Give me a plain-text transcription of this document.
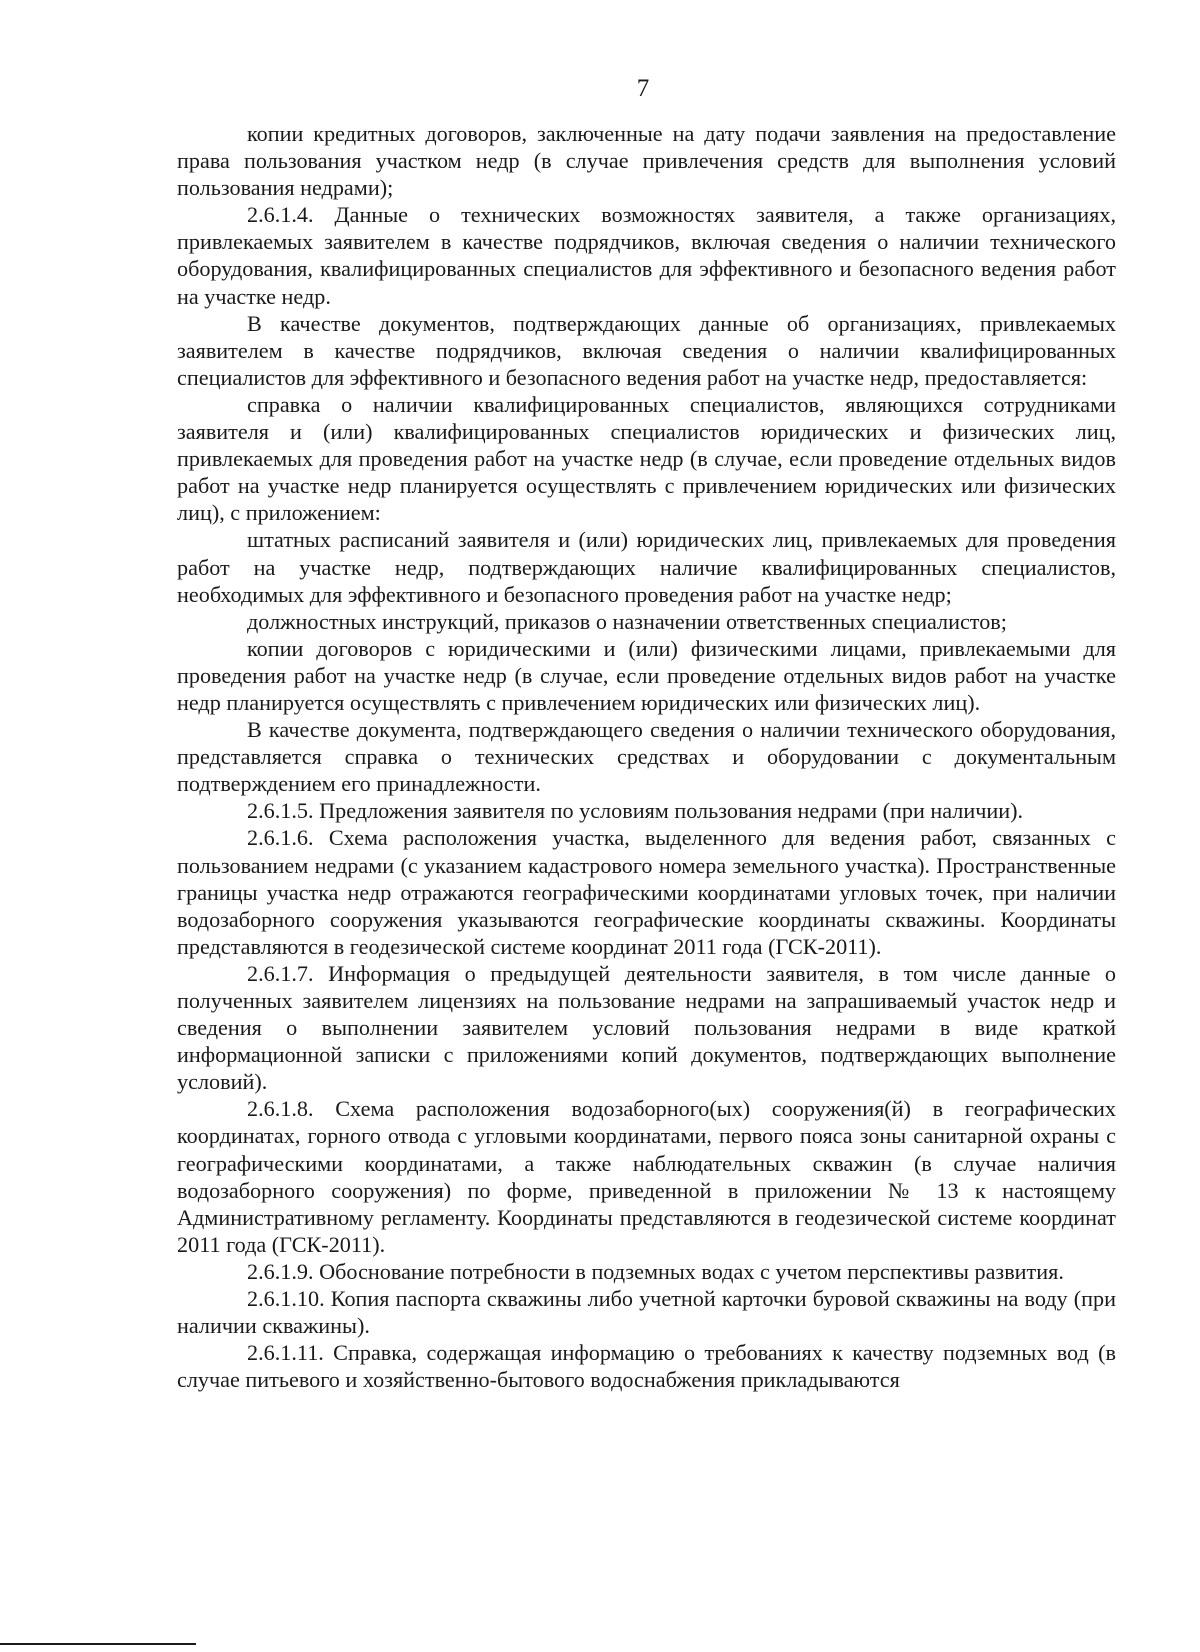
7

копии кредитных договоров, заключенные на дату подачи заявления на предоставление права пользования участком недр (в случае привлечения средств для выполнения условий пользования недрами);

2.6.1.4. Данные о технических возможностях заявителя, а также организациях, привлекаемых заявителем в качестве подрядчиков, включая сведения о наличии технического оборудования, квалифицированных специалистов для эффективного и безопасного ведения работ на участке недр.

В качестве документов, подтверждающих данные об организациях, привлекаемых заявителем в качестве подрядчиков, включая сведения о наличии квалифицированных специалистов для эффективного и безопасного ведения работ на участке недр, предоставляется:

справка о наличии квалифицированных специалистов, являющихся сотрудниками заявителя и (или) квалифицированных специалистов юридических и физических лиц, привлекаемых для проведения работ на участке недр (в случае, если проведение отдельных видов работ на участке недр планируется осуществлять с привлечением юридических или физических лиц), с приложением:

штатных расписаний заявителя и (или) юридических лиц, привлекаемых для проведения работ на участке недр, подтверждающих наличие квалифицированных специалистов, необходимых для эффективного и безопасного проведения работ на участке недр;

должностных инструкций, приказов о назначении ответственных специалистов;

копии договоров с юридическими и (или) физическими лицами, привлекаемыми для проведения работ на участке недр (в случае, если проведение отдельных видов работ на участке недр планируется осуществлять с привлечением юридических или физических лиц).

В качестве документа, подтверждающего сведения о наличии технического оборудования, представляется справка о технических средствах и оборудовании с документальным подтверждением его принадлежности.

2.6.1.5. Предложения заявителя по условиям пользования недрами (при наличии).

2.6.1.6. Схема расположения участка, выделенного для ведения работ, связанных с пользованием недрами (с указанием кадастрового номера земельного участка). Пространственные границы участка недр отражаются географическими координатами угловых точек, при наличии водозаборного сооружения указываются географические координаты скважины. Координаты представляются в геодезической системе координат 2011 года (ГСК-2011).

2.6.1.7. Информация о предыдущей деятельности заявителя, в том числе данные о полученных заявителем лицензиях на пользование недрами на запрашиваемый участок недр и сведения о выполнении заявителем условий пользования недрами в виде краткой информационной записки с приложениями копий документов, подтверждающих выполнение условий).

2.6.1.8. Схема расположения водозаборного(ых) сооружения(й) в географических координатах, горного отвода с угловыми координатами, первого пояса зоны санитарной охраны с географическими координатами, а также наблюдательных скважин (в случае наличия водозаборного сооружения) по форме, приведенной в приложении № 13 к настоящему Административному регламенту. Координаты представляются в геодезической системе координат 2011 года (ГСК-2011).

2.6.1.9. Обоснование потребности в подземных водах с учетом перспективы развития.

2.6.1.10. Копия паспорта скважины либо учетной карточки буровой скважины на воду (при наличии скважины).

2.6.1.11. Справка, содержащая информацию о требованиях к качеству подземных вод (в случае питьевого и хозяйственно-бытового водоснабжения прикладываются
